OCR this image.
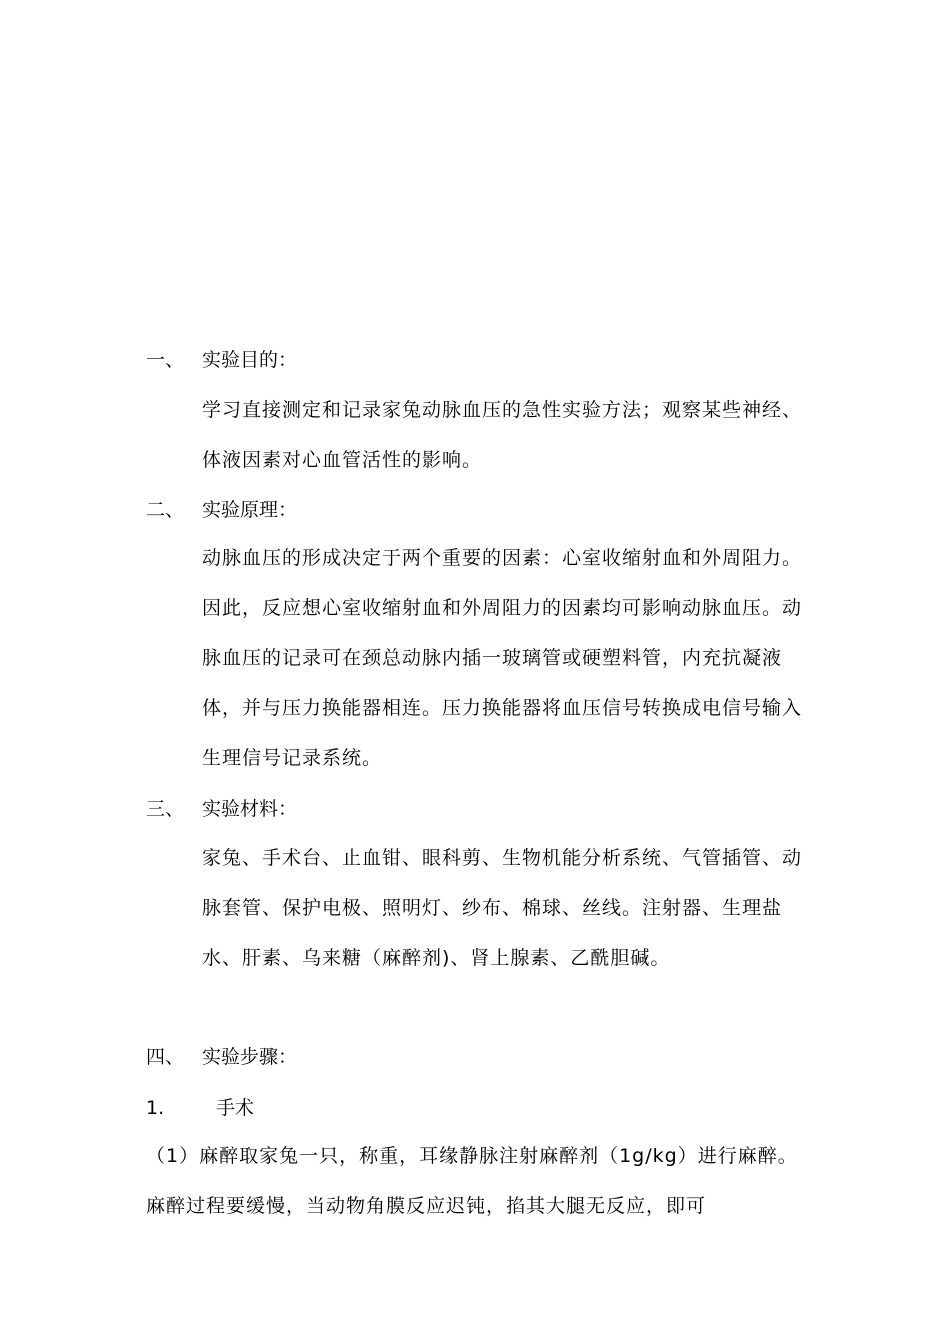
一、 实验目的：
学习直接测定和记录家兔动脉血压的急性实验方法；观察某些神经、体液因素对心血管活性的影响。
二、 实验原理：
动脉血压的形成决定于两个重要的因素：心室收缩射血和外周阻力。因此，反应想心室收缩射血和外周阻力的因素均可影响动脉血压。动脉血压的记录可在颈总动脉内插一玻璃管或硬塑料管，内充抗凝液体，并与压力换能器相连。压力换能器将血压信号转换成电信号输入生理信号记录系统。
三、 实验材料：
家兔、手术台、止血钳、眼科剪、生物机能分析系统、气管插管、动脉套管、保护电极、照明灯、纱布、棉球、丝线。注射器、生理盐水、肝素、乌来糖（麻醉剂)、肾上腺素、乙酰胆碱。
四、 实验步骤：
1.	手术
（1）麻醉取家兔一只，称重，耳缘静脉注射麻醉剂（1g/kg）进行麻醉。麻醉过程要缓慢，当动物角膜反应迟钝，掐其大腿无反应，即可
